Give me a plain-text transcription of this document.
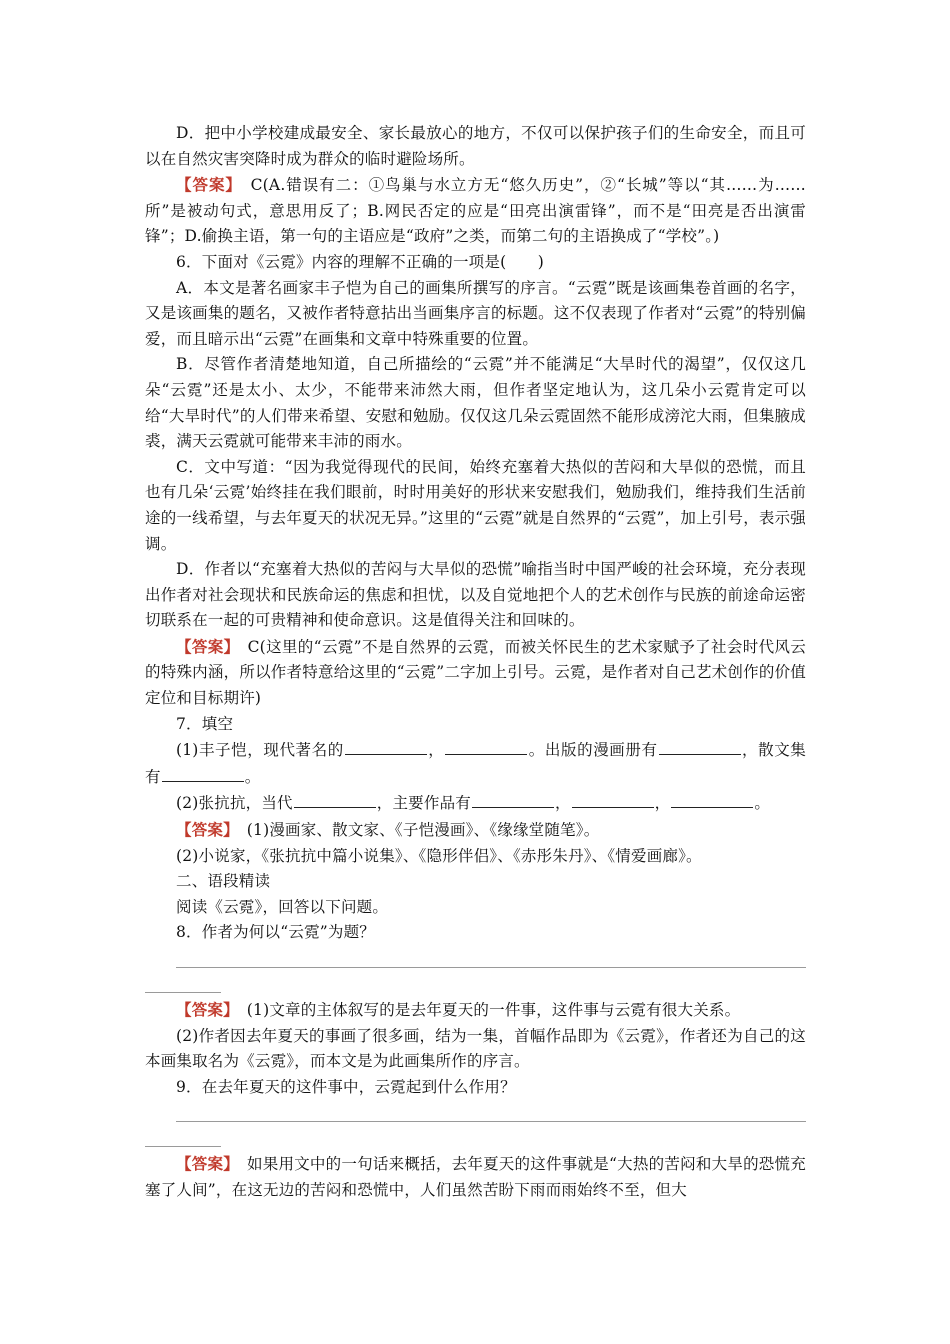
D．把中小学校建成最安全、家长最放心的地方，不仅可以保护孩子们的生命安全，而且可以在自然灾害突降时成为群众的临时避险场所。

【答案】　 C(A.错误有二：①鸟巢与水立方无“悠久历史”，②“长城”等以“其……为……所”是被动句式，意思用反了；B.网民否定的应是“田亮出演雷锋”，而不是“田亮是否出演雷锋”；D.偷换主语，第一句的主语应是“政府”之类，而第二句的主语换成了“学校”。)

6．下面对《云霓》内容的理解不正确的一项是(　　)

A．本文是著名画家丰子恺为自己的画集所撰写的序言。“云霓”既是该画集卷首画的名字，又是该画集的题名，又被作者特意拈出当画集序言的标题。这不仅表现了作者对“云霓”的特别偏爱，而且暗示出“云霓”在画集和文章中特殊重要的位置。

B．尽管作者清楚地知道，自己所描绘的“云霓”并不能满足“大旱时代的渴望”，仅仅这几朵“云霓”还是太小、太少，不能带来沛然大雨，但作者坚定地认为，这几朵小云霓肯定可以给“大旱时代”的人们带来希望、安慰和勉励。仅仅这几朵云霓固然不能形成滂沱大雨，但集腋成裘，满天云霓就可能带来丰沛的雨水。

C．文中写道：“因为我觉得现代的民间，始终充塞着大热似的苦闷和大旱似的恐慌，而且也有几朵‘云霓’始终挂在我们眼前，时时用美好的形状来安慰我们，勉励我们，维持我们生活前途的一线希望，与去年夏天的状况无异。”这里的“云霓”就是自然界的“云霓”，加上引号，表示强调。

D．作者以“充塞着大热似的苦闷与大旱似的恐慌”喻指当时中国严峻的社会环境，充分表现出作者对社会现状和民族命运的焦虑和担忧，以及自觉地把个人的艺术创作与民族的前途命运密切联系在一起的可贵精神和使命意识。这是值得关注和回味的。

【答案】　 C(这里的“云霓”不是自然界的云霓，而被关怀民生的艺术家赋予了社会时代风云的特殊内涵，所以作者特意给这里的“云霓”二字加上引号。云霓，是作者对自己艺术创作的价值定位和目标期许)

7．填空

(1)丰子恺，现代著名的	，	。出版的漫画册有	，散文集有	。

(2)张抗抗，当代	，主要作品有	，	，	。

【答案】　 (1)漫画家、散文家、《子恺漫画》、《缘缘堂随笔》。

(2)小说家，《张抗抗中篇小说集》、《隐形伴侣》、《赤彤朱丹》、《情爱画廊》。

二、语段精读

阅读《云霓》，回答以下问题。

8．作者为何以“云霓”为题？

【答案】　 (1)文章的主体叙写的是去年夏天的一件事，这件事与云霓有很大关系。

(2)作者因去年夏天的事画了很多画，结为一集，首幅作品即为《云霓》，作者还为自己的这本画集取名为《云霓》，而本文是为此画集所作的序言。

9．在去年夏天的这件事中，云霓起到什么作用？

【答案】　 如果用文中的一句话来概括，去年夏天的这件事就是“大热的苦闷和大旱的恐慌充塞了人间”，在这无边的苦闷和恐慌中，人们虽然苦盼下雨而雨始终不至，但大
